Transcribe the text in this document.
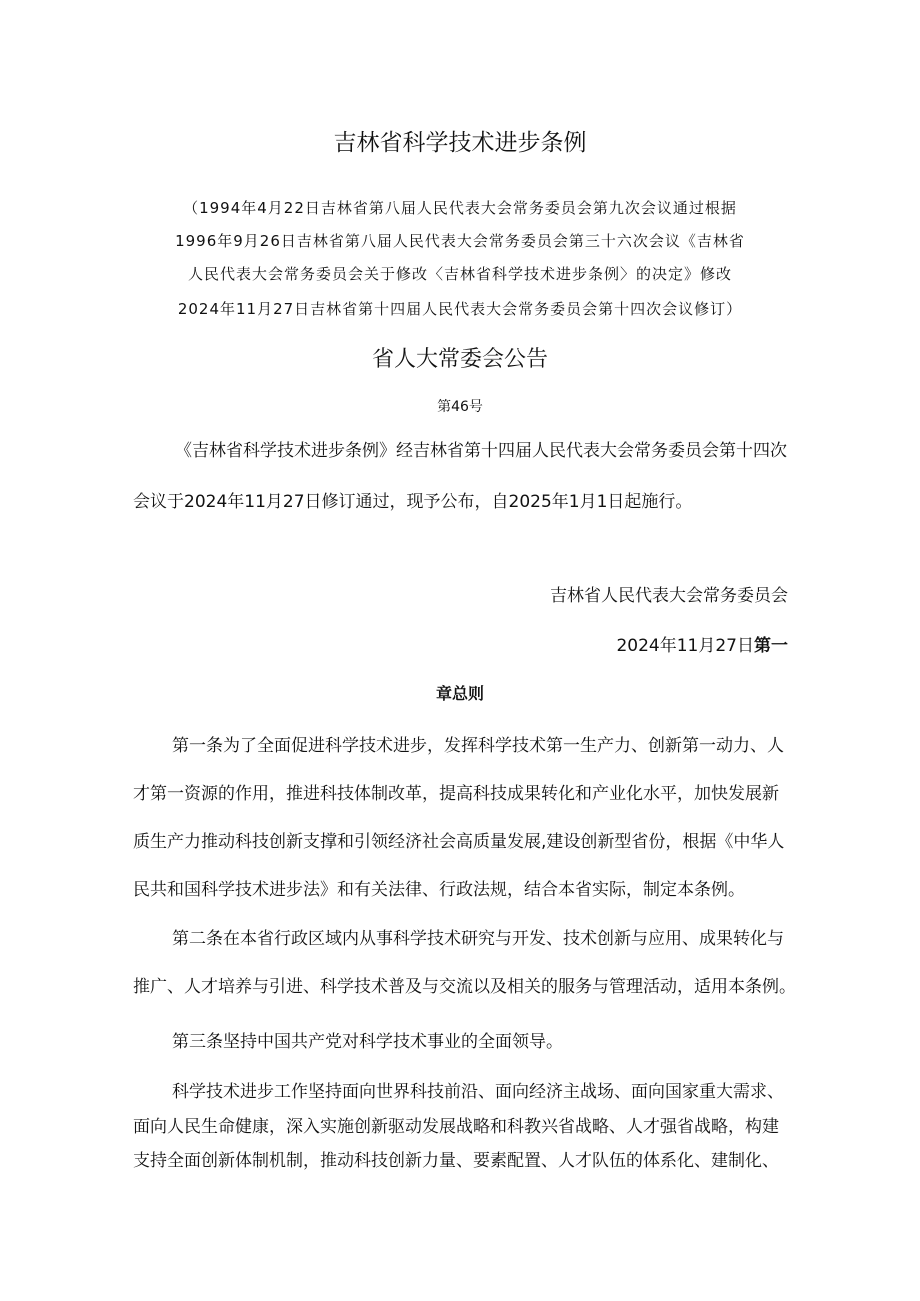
吉林省科学技术进步条例
（1994年4月22日吉林省第八届人民代表大会常务委员会第九次会议通过根据
1996年9月26日吉林省第八届人民代表大会常务委员会第三十六次会议《吉林省
人民代表大会常务委员会关于修改〈吉林省科学技术进步条例〉的决定》修改
2024年11月27日吉林省第十四届人民代表大会常务委员会第十四次会议修订）
省人大常委会公告
第46号
《吉林省科学技术进步条例》经吉林省第十四届人民代表大会常务委员会第十四次
会议于2024年11月27日修订通过，现予公布，自2025年1月1日起施行。
吉林省人民代表大会常务委员会
2024年11月27日第一
章总则
第一条为了全面促进科学技术进步，发挥科学技术第一生产力、创新第一动力、人
才第一资源的作用，推进科技体制改革，提高科技成果转化和产业化水平，加快发展新
质生产力推动科技创新支撑和引领经济社会高质量发展,建设创新型省份，根据《中华人
民共和国科学技术进步法》和有关法律、行政法规，结合本省实际，制定本条例。
第二条在本省行政区域内从事科学技术研究与开发、技术创新与应用、成果转化与
推广、人才培养与引进、科学技术普及与交流以及相关的服务与管理活动，适用本条例。
第三条坚持中国共产党对科学技术事业的全面领导。
科学技术进步工作坚持面向世界科技前沿、面向经济主战场、面向国家重大需求、
面向人民生命健康，深入实施创新驱动发展战略和科教兴省战略、人才强省战略，构建
支持全面创新体制机制，推动科技创新力量、要素配置、人才队伍的体系化、建制化、
